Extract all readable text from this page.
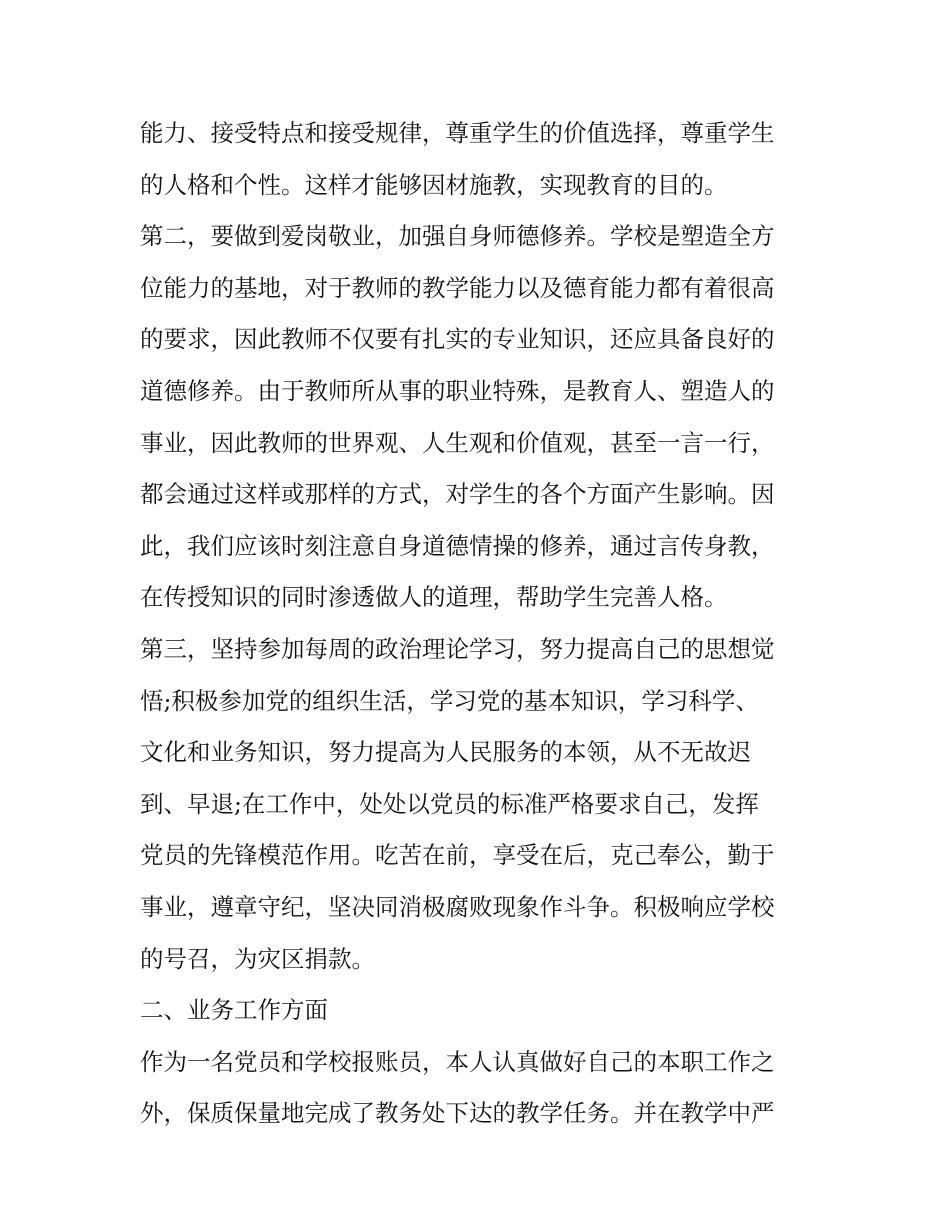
能力、接受特点和接受规律，尊重学生的价值选择，尊重学生
的人格和个性。这样才能够因材施教，实现教育的目的。
第二，要做到爱岗敬业，加强自身师德修养。学校是塑造全方
位能力的基地，对于教师的教学能力以及德育能力都有着很高
的要求，因此教师不仅要有扎实的专业知识，还应具备良好的
道德修养。由于教师所从事的职业特殊，是教育人、塑造人的
事业，因此教师的世界观、人生观和价值观，甚至一言一行，
都会通过这样或那样的方式，对学生的各个方面产生影响。因
此，我们应该时刻注意自身道德情操的修养，通过言传身教，
在传授知识的同时渗透做人的道理，帮助学生完善人格。
第三，坚持参加每周的政治理论学习，努力提高自己的思想觉
悟;积极参加党的组织生活，学习党的基本知识，学习科学、
文化和业务知识，努力提高为人民服务的本领，从不无故迟
到、早退;在工作中，处处以党员的标准严格要求自己，发挥
党员的先锋模范作用。吃苦在前，享受在后，克己奉公，勤于
事业，遵章守纪，坚决同消极腐败现象作斗争。积极响应学校
的号召，为灾区捐款。
二、业务工作方面
作为一名党员和学校报账员，本人认真做好自己的本职工作之
外，保质保量地完成了教务处下达的教学任务。并在教学中严
